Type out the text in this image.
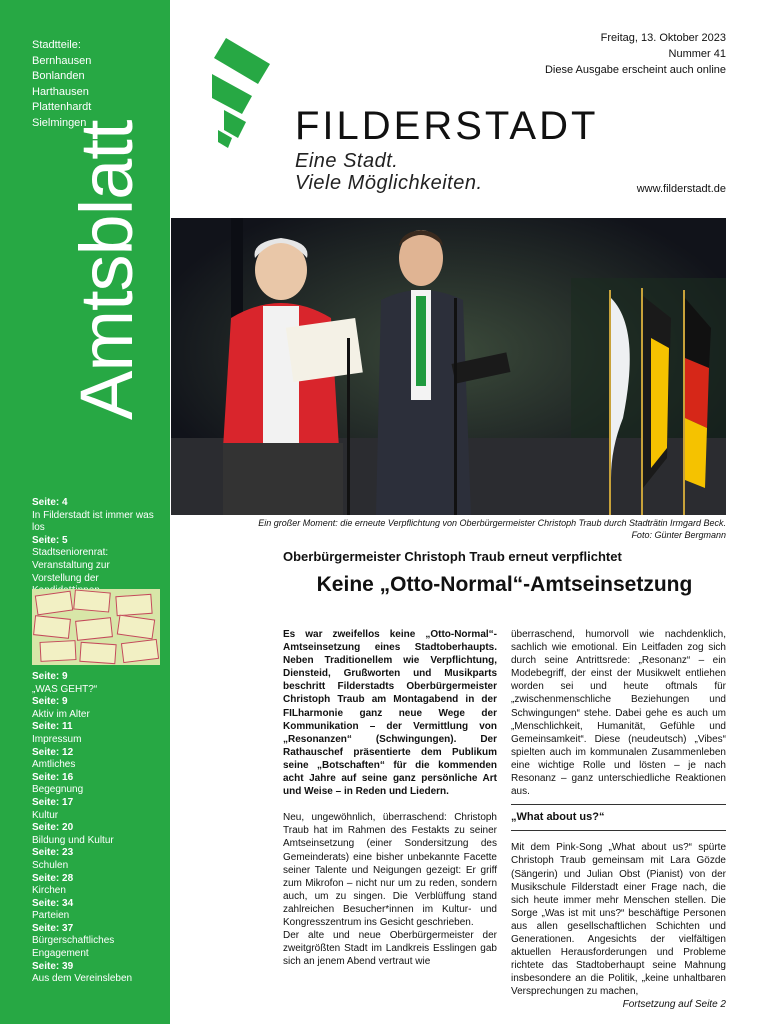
Stadtteile:
Bernhausen
Bonlanden
Harthausen
Plattenhardt
Sielmingen
Amtsblatt
Seite: 4
In Filderstadt ist immer was los
Seite: 5
Stadtseniorenrat: Veranstaltung zur Vorstellung der
Seite: 9
„WAS GEHT?“
Seite: 9
Aktiv im Alter
Seite: 11
Impressum
Seite: 12
Amtliches
Seite: 16
Begegnung
Seite: 17
Kultur
Seite: 20
Bildung und Kultur
Seite: 23
Schulen
Seite: 28
Kirchen
Seite: 34
Parteien
Seite: 37
Bürgerschaftliches Engagement
Seite: 39
Aus dem Vereinsleben
Freitag, 13. Oktober 2023
Nummer 41
Diese Ausgabe erscheint auch online
FILDERSTADT
Eine Stadt.
Viele Möglichkeiten.	www.filderstadt.de
Ein großer Moment: die erneute Verpflichtung von Oberbürgermeister Christoph Traub durch Stadträtin Irmgard Beck.
Foto: Günter Bergmann
Oberbürgermeister Christoph Traub erneut verpflichtet
Keine „Otto-Normal“-Amtseinsetzung

Es war zweifellos keine „Otto-Normal“-Amtseinsetzung eines Stadtoberhaupts. Neben Traditionellem wie Verpflichtung, Diensteid, Grußworten und Musikparts beschritt Filderstadts Oberbürgermeister Christoph Traub am Montagabend in der FILharmonie ganz neue Wege der Kommunikation – der Vermittlung von „Resonanzen“ (Schwingungen). Der Rathauschef präsentierte dem Publikum seine „Botschaften“ für die kommenden acht Jahre auf seine ganz persönliche Art und Weise – in Reden und Liedern.

Neu, ungewöhnlich, überraschend: Christoph Traub hat im Rahmen des Festakts zu seiner Amtseinsetzung (einer Sondersitzung des Gemeinderats) eine bisher unbekannte Facette seiner Talente und Neigungen gezeigt: Er griff zum Mikrofon – nicht nur um zu reden, sondern auch, um zu singen. Die Verblüffung stand zahlreichen Besucher*innen im Kultur- und Kongresszentrum ins Gesicht geschrieben.

Der alte und neue Oberbürgermeister der zweitgrößten Stadt im Landkreis Esslingen gab sich an jenem Abend vertraut wie

überraschend, humorvoll wie nachdenklich, sachlich wie emotional. Ein Leitfaden zog sich durch seine Antrittsrede: „Resonanz“ – ein Modebegriff, der einst der Musikwelt entliehen worden sei und heute oftmals für „zwischenmenschliche Beziehungen und Schwingungen“ stehe. Dabei gehe es auch um „Menschlichkeit, Humanität, Gefühle und Gemeinsamkeit“. Diese (neudeutsch) „Vibes“ spielten auch im kommunalen Zusammenleben eine wichtige Rolle und lösten – je nach Resonanz – ganz unterschiedliche Reaktionen aus.

„What about us?“

Mit dem Pink-Song „What about us?“ spürte Christoph Traub gemeinsam mit Lara Gözde (Sängerin) und Julian Obst (Pianist) von der Musikschule Filderstadt einer Frage nach, die sich heute immer mehr Menschen stellen. Die Sorge „Was ist mit uns?“ beschäftige Personen aus allen gesellschaftlichen Schichten und Generationen. Angesichts der vielfältigen aktuellen Herausforderungen und Probleme richtete das Stadtoberhaupt seine Mahnung insbesondere an die Politik, „keine unhaltbaren Versprechungen zu machen,

Fortsetzung auf Seite 2
